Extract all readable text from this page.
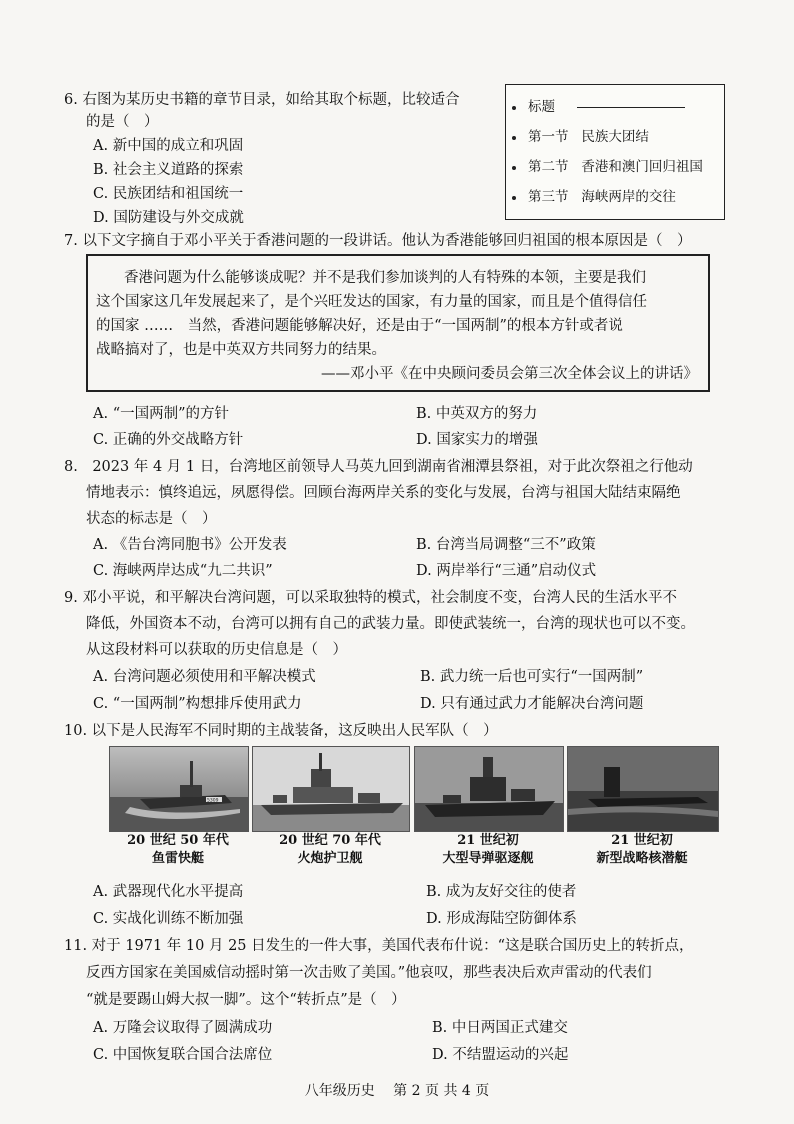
6. 右图为某历史书籍的章节目录，如给其取个标题，比较适合
的是（　）
A. 新中国的成立和巩固
B. 社会主义道路的探索
C. 民族团结和祖国统一
D. 国防建设与外交成就
标题
第一节 民族大团结
第二节 香港和澳门回归祖国
第三节 海峡两岸的交往
7. 以下文字摘自于邓小平关于香港问题的一段讲话。他认为香港能够回归祖国的根本原因是（　）

香港问题为什么能够谈成呢？并不是我们参加谈判的人有特殊的本领，主要是我们

这个国家这几年发展起来了，是个兴旺发达的国家，有力量的国家，而且是个值得信任

的国家 ……　当然，香港问题能够解决好，还是由于“一国两制”的根本方针或者说

战略搞对了，也是中英双方共同努力的结果。

——邓小平《在中央顾问委员会第三次全体会议上的讲话》

A. “一国两制”的方针	B. 中英双方的努力
C. 正确的外交战略方针	D. 国家实力的增强
8.　2023 年 4 月 1 日，台湾地区前领导人马英九回到湖南省湘潭县祭祖，对于此次祭祖之行他动
情地表示：慎终追远，夙愿得偿。回顾台海两岸关系的变化与发展，台湾与祖国大陆结束隔绝
状态的标志是（　）
A. 《告台湾同胞书》公开发表	B. 台湾当局调整“三不”政策
C. 海峡两岸达成“九二共识”	D. 两岸举行“三通”启动仪式
9. 邓小平说，和平解决台湾问题，可以采取独特的模式，社会制度不变，台湾人民的生活水平不
降低，外国资本不动，台湾可以拥有自己的武装力量。即使武装统一，台湾的现状也可以不变。
从这段材料可以获取的历史信息是（　）
A. 台湾问题必须使用和平解决模式	B. 武力统一后也可实行“一国两制”
C. “一国两制”构想排斥使用武力	D. 只有通过武力才能解决台湾问题
10. 以下是人民海军不同时期的主战装备，这反映出人民军队（　）
5309
20 世纪 50 年代
鱼雷快艇
20 世纪 70 年代
火炮护卫舰
21 世纪初
大型导弹驱逐舰
21 世纪初
新型战略核潜艇
A. 武器现代化水平提高	B. 成为友好交往的使者
C. 实战化训练不断加强	D. 形成海陆空防御体系
11. 对于 1971 年 10 月 25 日发生的一件大事，美国代表布什说：“这是联合国历史上的转折点，
反西方国家在美国威信动摇时第一次击败了美国。”他哀叹，那些表决后欢声雷动的代表们
“就是要踢山姆大叔一脚”。这个“转折点”是（　）
A. 万隆会议取得了圆满成功	B. 中日两国正式建交
C. 中国恢复联合国合法席位	D. 不结盟运动的兴起
八年级历史　 第 2 页 共 4 页
